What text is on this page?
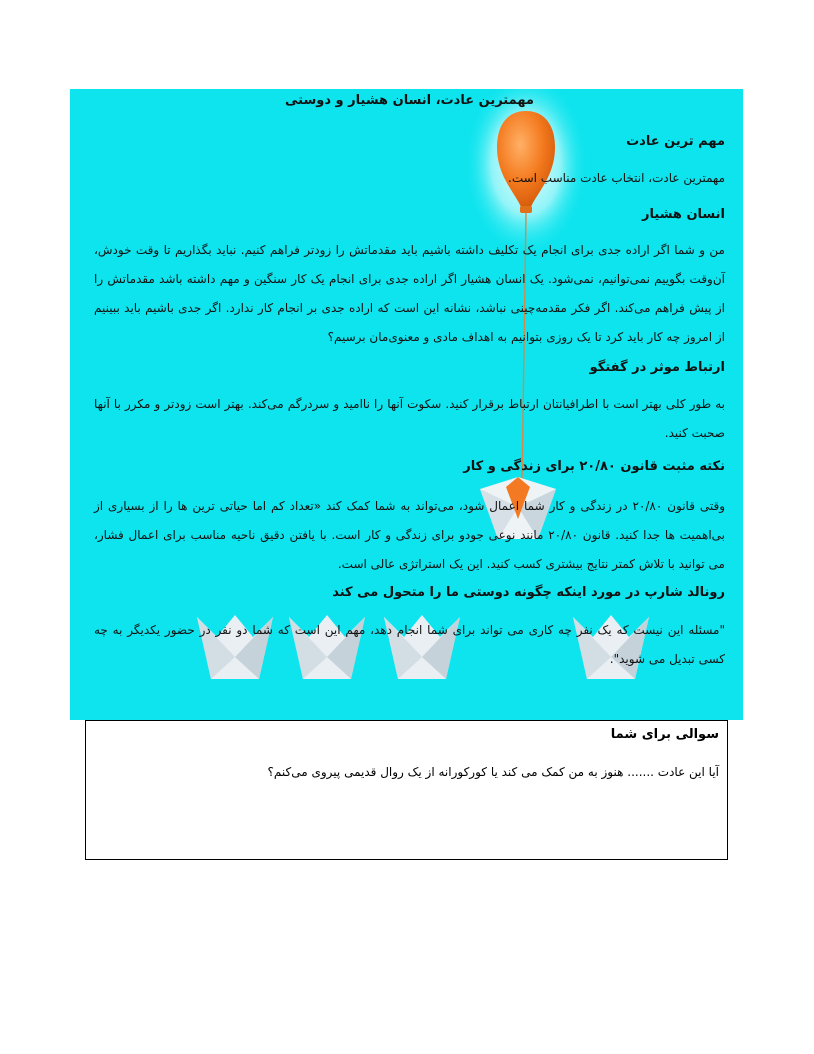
مهمترین عادت، انسان هشیار و دوستی
مهم ترین عادت
مهمترین عادت، انتخاب عادت مناسب است.
انسان هشیار
من و شما اگر اراده جدی برای انجام یک تکلیف داشته باشیم باید مقدماتش را زودتر فراهم کنیم. نباید بگذاریم تا وقت خودش، آن‌وقت بگوییم نمی‌توانیم، نمی‌شود. یک انسان هشیار اگر اراده جدی برای انجام یک کار سنگین و مهم داشته باشد مقدماتش را از پیش فراهم می‌کند. اگر فکر مقدمه‌چینی نباشد، نشانه این است که اراده جدی بر انجام کار ندارد. اگر جدی باشیم باید ببینیم از امروز چه کار باید کرد تا یک روزی بتوانیم به اهداف مادی و معنوی‌مان برسیم؟
ارتباط موثر در گفتگو
به طور کلی بهتر است با اطرافیانتان ارتباط برقرار کنید. سکوت آنها را ناامید و سردرگم می‌کند. بهتر است زودتر و مکرر با آنها صحبت کنید.
نکته مثبت قانون ۲۰/۸۰ برای زندگی و کار
وقتی قانون ۲۰/۸۰ در زندگی و کار شما اعمال شود، می‌تواند به شما کمک کند «تعداد کم اما حیاتی ترین ها را از بسیاری از بی‌اهمیت ها جدا کنید. قانون ۲۰/۸۰ مانند نوعی جودو برای زندگی و کار است. با یافتن دقیق ناحیه مناسب برای اعمال فشار، می توانید با تلاش کمتر نتایج بیشتری کسب کنید. این یک استراتژی عالی است.
رونالد شارپ در مورد اینکه چگونه دوستی ما را متحول می کند
"مسئله این نیست که یک نفر چه کاری می تواند برای شما انجام دهد، مهم این است که شما دو نفر در حضور یکدیگر به چه کسی تبدیل می شوید".
سوالی برای شما
آیا این عادت ....... هنوز به من کمک می کند یا کورکورانه از یک روال قدیمی پیروی می‌کنم؟
